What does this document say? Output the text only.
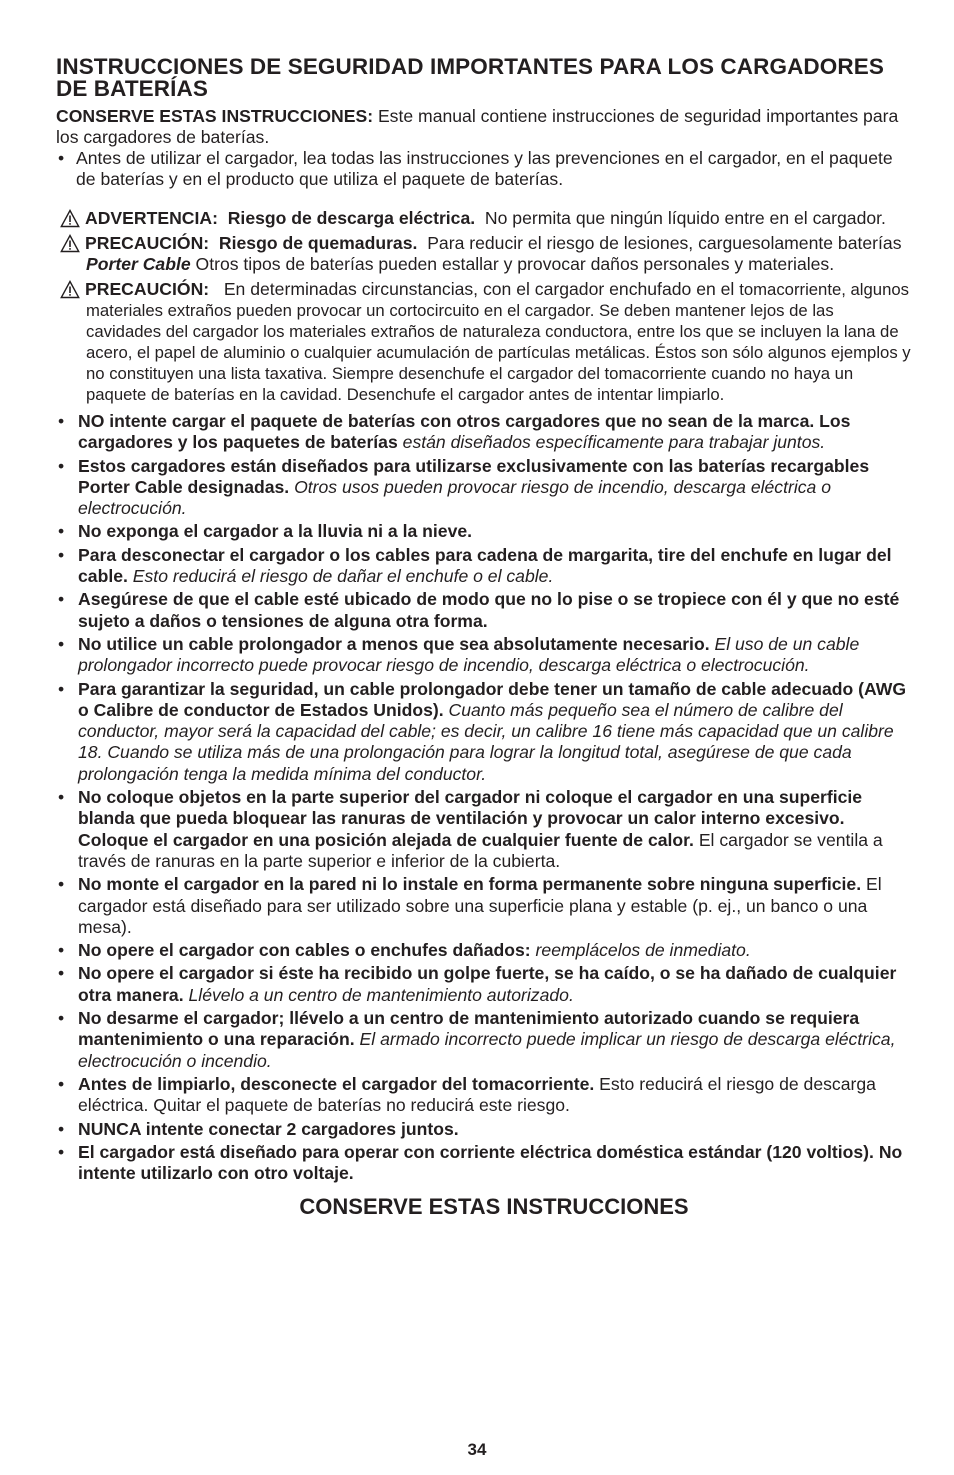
INSTRUCCIONES DE SEGURIDAD IMPORTANTES PARA LOS CARGADORES DE BATERÍAS

CONSERVE ESTAS INSTRUCCIONES: Este manual contiene instrucciones de seguridad importantes para los cargadores de baterías.

• Antes de utilizar el cargador, lea todas las instrucciones y las prevenciones en el cargador, en el paquete de baterías y en el producto que utiliza el paquete de baterías.
ADVERTENCIA: Riesgo de descarga eléctrica. No permita que ningún líquido entre en el cargador.
PRECAUCIÓN: Riesgo de quemaduras. Para reducir el riesgo de lesiones, carguesolamente baterías Porter Cable Otros tipos de baterías pueden estallar y provocar daños personales y materiales.
PRECAUCIÓN: En determinadas circunstancias, con el cargador enchufado en el tomacorriente, algunos materiales extraños pueden provocar un cortocircuito en el cargador. Se deben mantener lejos de las cavidades del cargador los materiales extraños de naturaleza conductora, entre los que se incluyen la lana de acero, el papel de aluminio o cualquier acumulación de partículas metálicas. Éstos son sólo algunos ejemplos y no constituyen una lista taxativa. Siempre desenchufe el cargador del tomacorriente cuando no haya un paquete de baterías en la cavidad. Desenchufe el cargador antes de intentar limpiarlo.
• NO intente cargar el paquete de baterías con otros cargadores que no sean de la marca. Los cargadores y los paquetes de baterías están diseñados específicamente para trabajar juntos.
• Estos cargadores están diseñados para utilizarse exclusivamente con las baterías recargables Porter Cable designadas. Otros usos pueden provocar riesgo de incendio, descarga eléctrica o electrocución.
• No exponga el cargador a la lluvia ni a la nieve.
• Para desconectar el cargador o los cables para cadena de margarita, tire del enchufe en lugar del cable. Esto reducirá el riesgo de dañar el enchufe o el cable.
• Asegúrese de que el cable esté ubicado de modo que no lo pise o se tropiece con él y que no esté sujeto a daños o tensiones de alguna otra forma.
• No utilice un cable prolongador a menos que sea absolutamente necesario. El uso de un cable prolongador incorrecto puede provocar riesgo de incendio, descarga eléctrica o electrocución.
• Para garantizar la seguridad, un cable prolongador debe tener un tamaño de cable adecuado (AWG o Calibre de conductor de Estados Unidos). Cuanto más pequeño sea el número de calibre del conductor, mayor será la capacidad del cable; es decir, un calibre 16 tiene más capacidad que un calibre 18. Cuando se utiliza más de una prolongación para lograr la longitud total, asegúrese de que cada prolongación tenga la medida mínima del conductor.
• No coloque objetos en la parte superior del cargador ni coloque el cargador en una superficie blanda que pueda bloquear las ranuras de ventilación y provocar un calor interno excesivo. Coloque el cargador en una posición alejada de cualquier fuente de calor. El cargador se ventila a través de ranuras en la parte superior e inferior de la cubierta.
• No monte el cargador en la pared ni lo instale en forma permanente sobre ninguna superficie. El cargador está diseñado para ser utilizado sobre una superficie plana y estable (p. ej., un banco o una mesa).
• No opere el cargador con cables o enchufes dañados: reemplácelos de inmediato.
• No opere el cargador si éste ha recibido un golpe fuerte, se ha caído, o se ha dañado de cualquier otra manera. Llévelo a un centro de mantenimiento autorizado.
• No desarme el cargador; llévelo a un centro de mantenimiento autorizado cuando se requiera mantenimiento o una reparación. El armado incorrecto puede implicar un riesgo de descarga eléctrica, electrocución o incendio.
• Antes de limpiarlo, desconecte el cargador del tomacorriente. Esto reducirá el riesgo de descarga eléctrica. Quitar el paquete de baterías no reducirá este riesgo.
• NUNCA intente conectar 2 cargadores juntos.
• El cargador está diseñado para operar con corriente eléctrica doméstica estándar (120 voltios). No intente utilizarlo con otro voltaje.
CONSERVE ESTAS INSTRUCCIONES
34
